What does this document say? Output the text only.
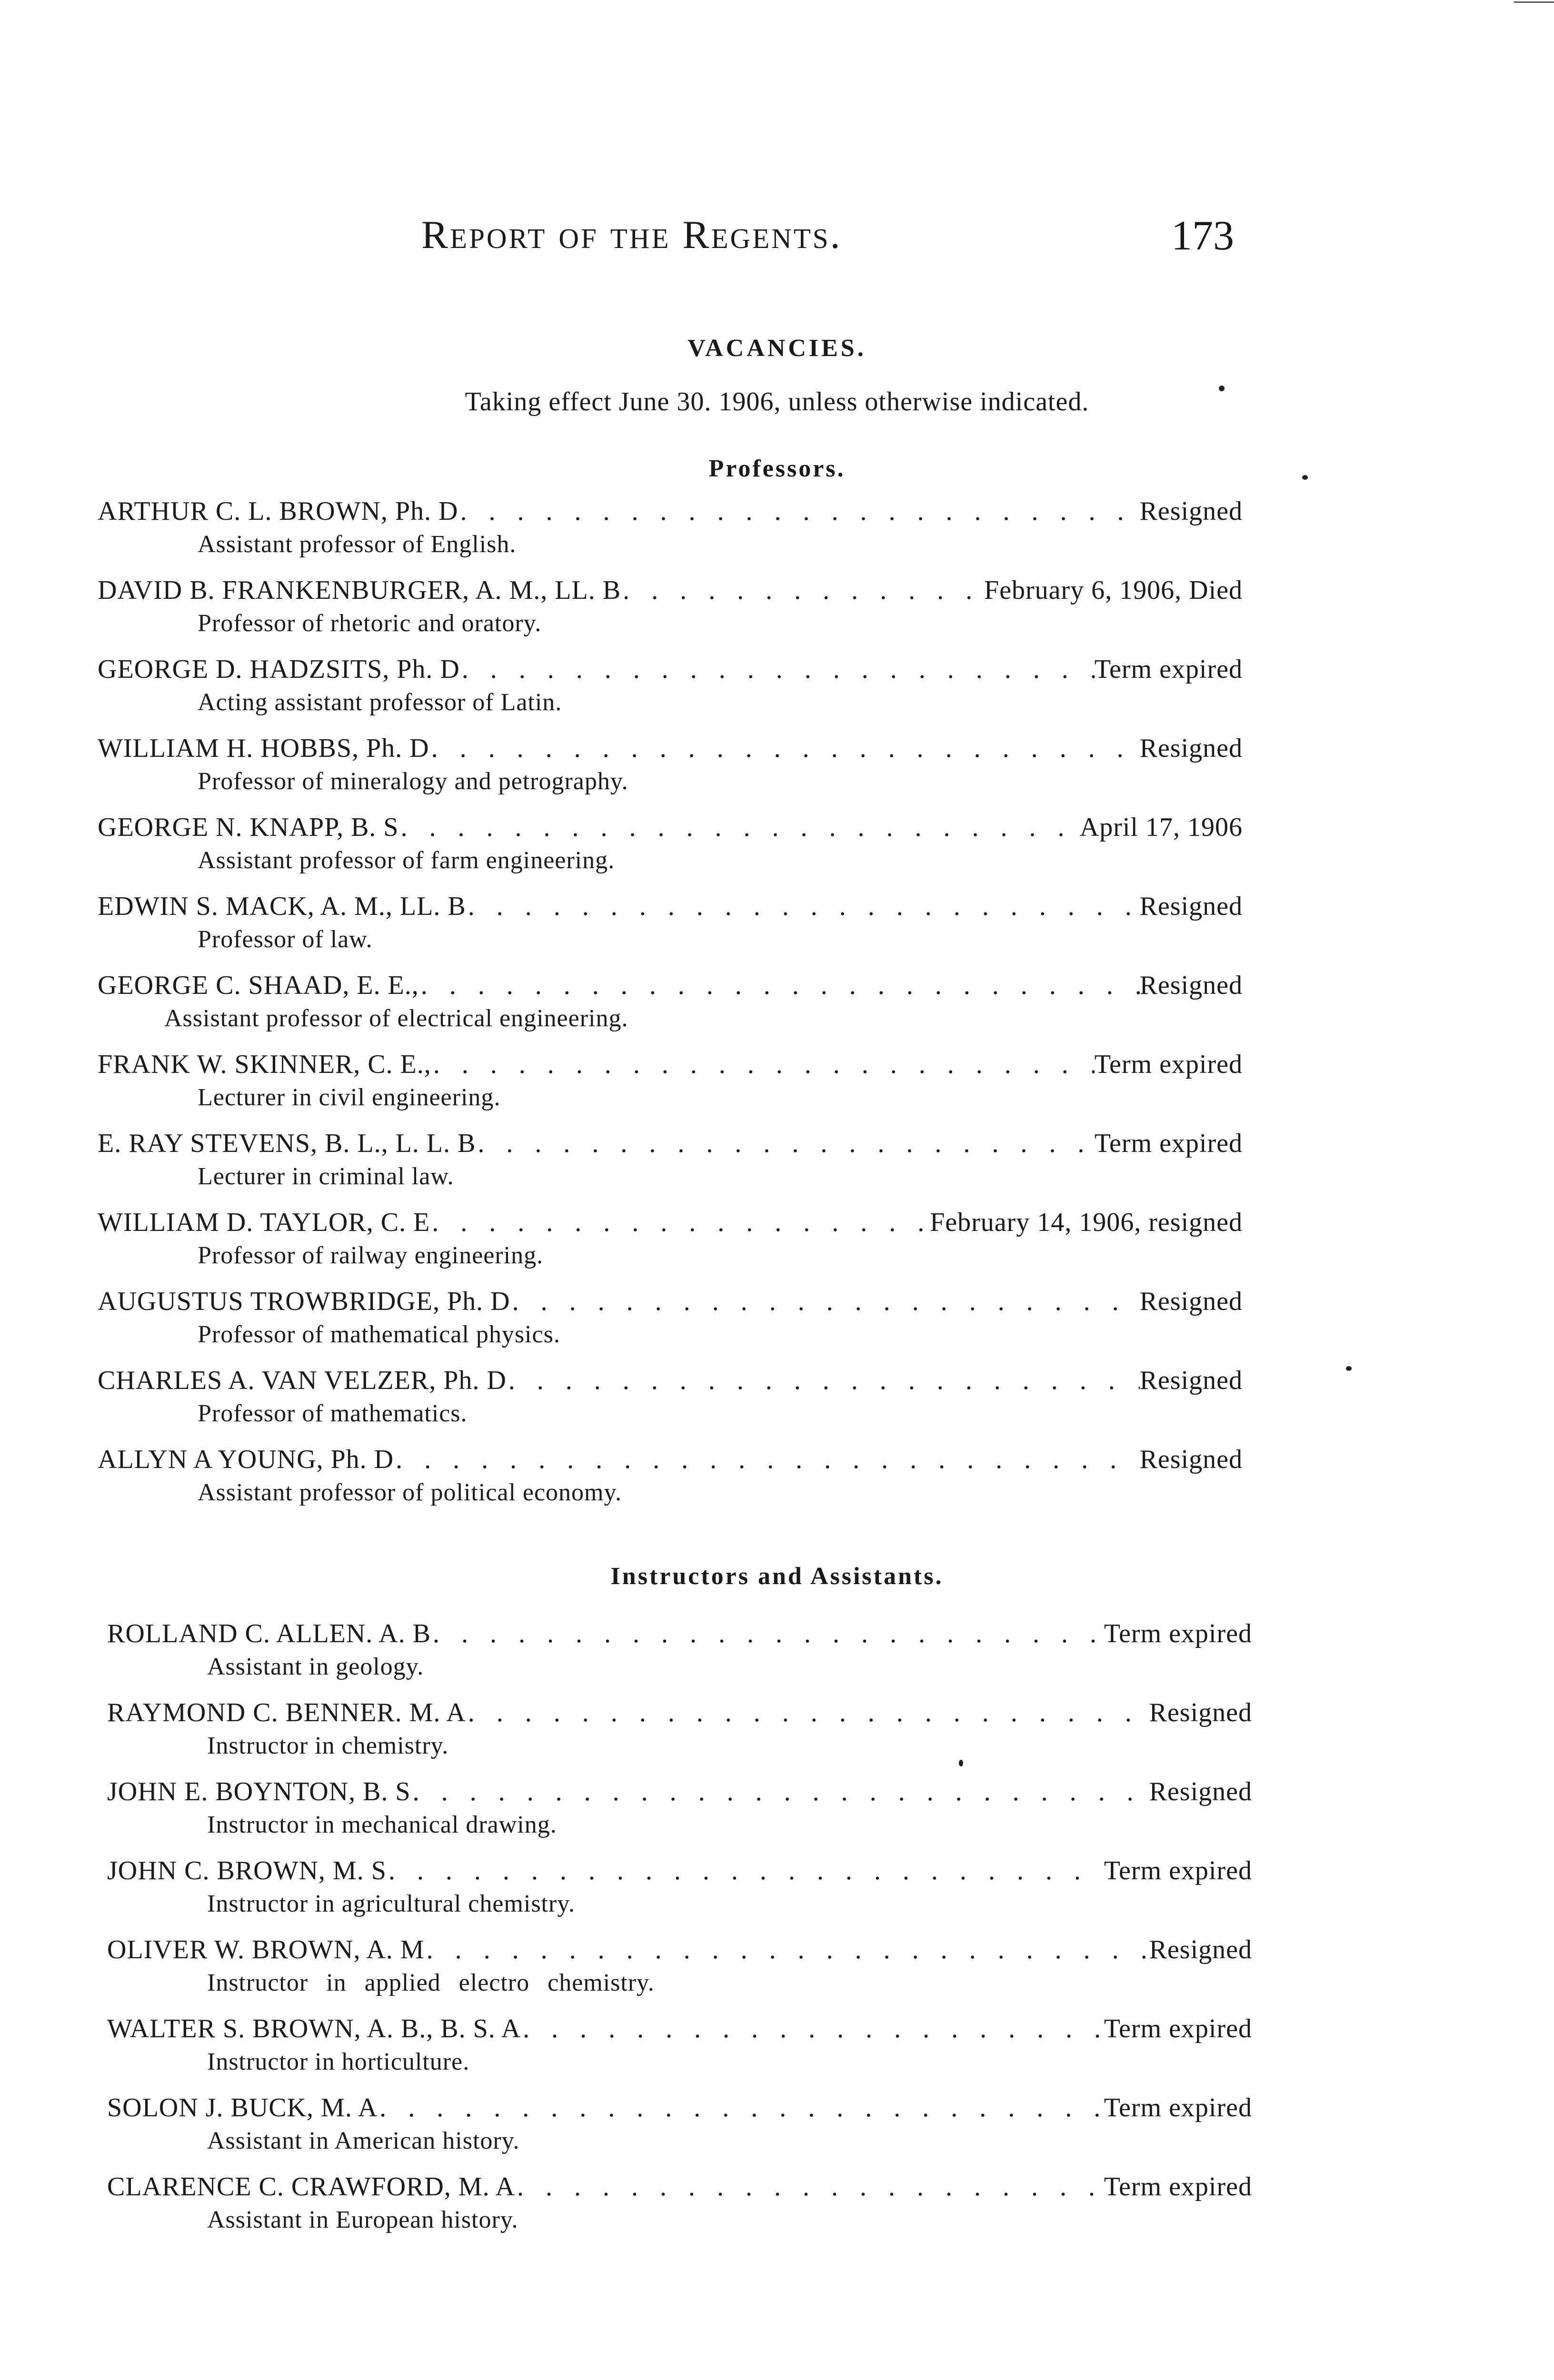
Report of the Regents.	173
VACANCIES.
Taking effect June 30. 1906, unless otherwise indicated.
Professors.
ARTHUR C. L. BROWN, Ph. D . . .	Resigned
Assistant professor of English.
DAVID B. FRANKENBURGER, A. M., LL. B . . .	February 6, 1906, Died
Professor of rhetoric and oratory.
GEORGE D. HADZSITS, Ph. D . . .	Term expired
Acting assistant professor of Latin.
WILLIAM H. HOBBS, Ph. D . . .	Resigned
Professor of mineralogy and petrography.
GEORGE N. KNAPP, B. S . . .	April 17, 1906
Assistant professor of farm engineering.
EDWIN S. MACK, A. M., LL. B . . .	Resigned
Professor of law.
GEORGE C. SHAAD, E. E., . . .	Resigned
Assistant professor of electrical engineering.
FRANK W. SKINNER, C. E., . . .	Term expired
Lecturer in civil engineering.
E. RAY STEVENS, B. L., L. L. B . . .	Term expired
Lecturer in criminal law.
WILLIAM D. TAYLOR, C. E . . .	February 14, 1906, resigned
Professor of railway engineering.
AUGUSTUS TROWBRIDGE, Ph. D . . .	Resigned
Professor of mathematical physics.
CHARLES A. VAN VELZER, Ph. D . . .	Resigned
Professor of mathematics.
ALLYN A YOUNG, Ph. D . . .	Resigned
Assistant professor of political economy.
Instructors and Assistants.
ROLLAND C. ALLEN. A. B . . .	Term expired
Assistant in geology.
RAYMOND C. BENNER. M. A . . .	Resigned
Instructor in chemistry.
JOHN E. BOYNTON, B. S . . .	Resigned
Instructor in mechanical drawing.
JOHN C. BROWN, M. S . . .	Term expired
Instructor in agricultural chemistry.
OLIVER W. BROWN, A. M . . .	Resigned
Instructor in applied electro chemistry.
WALTER S. BROWN, A. B., B. S. A . . .	Term expired
Instructor in horticulture.
SOLON J. BUCK, M. A . . .	Term expired
Assistant in American history.
CLARENCE C. CRAWFORD, M. A . . .	Term expired
Assistant in European history.
